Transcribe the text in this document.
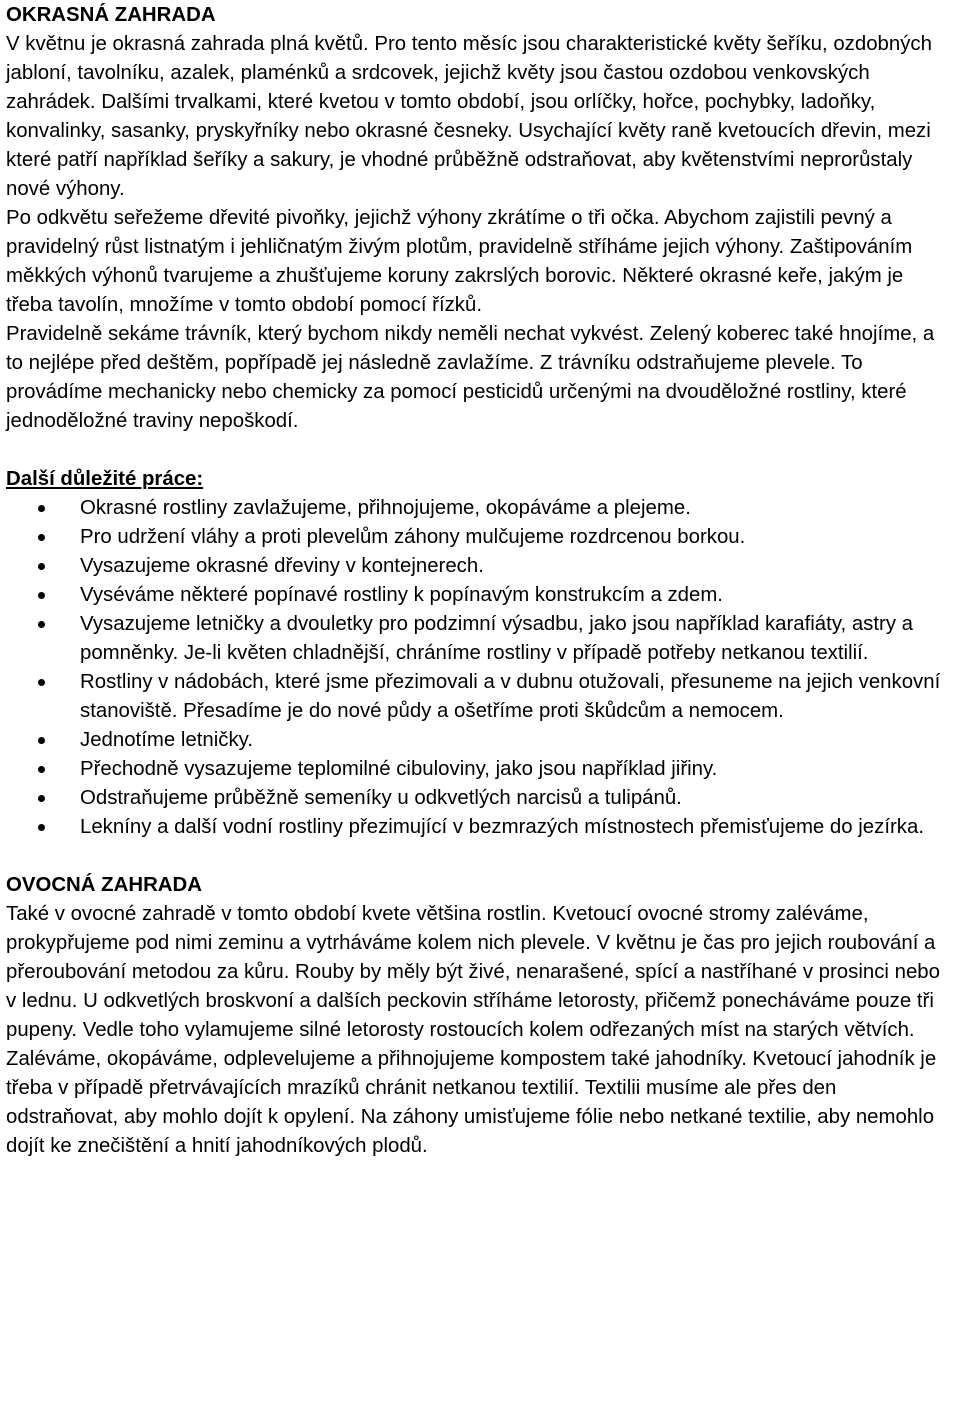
OKRASNÁ ZAHRADA

V květnu je okrasná zahrada plná květů. Pro tento měsíc jsou charakteristické květy šeříku, ozdobných jabloní, tavolníku, azalek, plaménků a srdcovek, jejichž květy jsou častou ozdobou venkovských zahrádek. Dalšími trvalkami, které kvetou v tomto období, jsou orlíčky, hořce, pochybky, ladoňky, konvalinky, sasanky, pryskyřníky nebo okrasné česneky. Usychající květy raně kvetoucích dřevin, mezi které patří například šeříky a sakury, je vhodné průběžně odstraňovat, aby květenstvími neprorůstaly nové výhony.

Po odkvětu seřežeme dřevité pivoňky, jejichž výhony zkrátíme o tři očka. Abychom zajistili pevný a pravidelný růst listnatým i jehličnatým živým plotům, pravidelně stříháme jejich výhony. Zaštipováním měkkých výhonů tvarujeme a zhušťujeme koruny zakrslých borovic. Některé okrasné keře, jakým je třeba tavolín, množíme v tomto období pomocí řízků.

Pravidelně sekáme trávník, který bychom nikdy neměli nechat vykvést. Zelený koberec také hnojíme, a to nejlépe před deštěm, popřípadě jej následně zavlažíme. Z trávníku odstraňujeme plevele. To provádíme mechanicky nebo chemicky za pomocí pesticidů určenými na dvouděložné rostliny, které jednoděložné traviny nepoškodí.

Další důležité práce:
Okrasné rostliny zavlažujeme, přihnojujeme, okopáváme a plejeme.
Pro udržení vláhy a proti plevelům záhony mulčujeme rozdrcenou borkou.
Vysazujeme okrasné dřeviny v kontejnerech.
Vyséváme některé popínavé rostliny k popínavým konstrukcím a zdem.
Vysazujeme letničky a dvouletky pro podzimní výsadbu, jako jsou například karafiáty, astry a pomněnky. Je-li květen chladnější, chráníme rostliny v případě potřeby netkanou textilií.
Rostliny v nádobách, které jsme přezimovali a v dubnu otužovali, přesuneme na jejich venkovní stanoviště. Přesadíme je do nové půdy a ošetříme proti škůdcům a nemocem.
Jednotíme letničky.
Přechodně vysazujeme teplomilné cibuloviny, jako jsou například jiřiny.
Odstraňujeme průběžně semeníky u odkvetlých narcisů a tulipánů.
Lekníny a další vodní rostliny přezimující v bezmrazých místnostech přemisťujeme do jezírka.
OVOCNÁ ZAHRADA

Také v ovocné zahradě v tomto období kvete většina rostlin. Kvetoucí ovocné stromy zaléváme, prokypřujeme pod nimi zeminu a vytrháváme kolem nich plevele. V květnu je čas pro jejich roubování a přeroubování metodou za kůru. Rouby by měly být živé, nenarašené, spící a nastříhané v prosinci nebo v lednu. U odkvetlých broskvoní a dalších peckovin stříháme letorosty, přičemž ponecháváme pouze tři pupeny. Vedle toho vylamujeme silné letorosty rostoucích kolem odřezaných míst na starých větvích.

Zaléváme, okopáváme, odplevelujeme a přihnojujeme kompostem také jahodníky. Kvetoucí jahodník je třeba v případě přetrvávajících mrazíků chránit netkanou textilií. Textilii musíme ale přes den odstraňovat, aby mohlo dojít k opylení. Na záhony umisťujeme fólie nebo netkané textilie, aby nemohlo dojít ke znečištění a hnití jahodníkových plodů.
